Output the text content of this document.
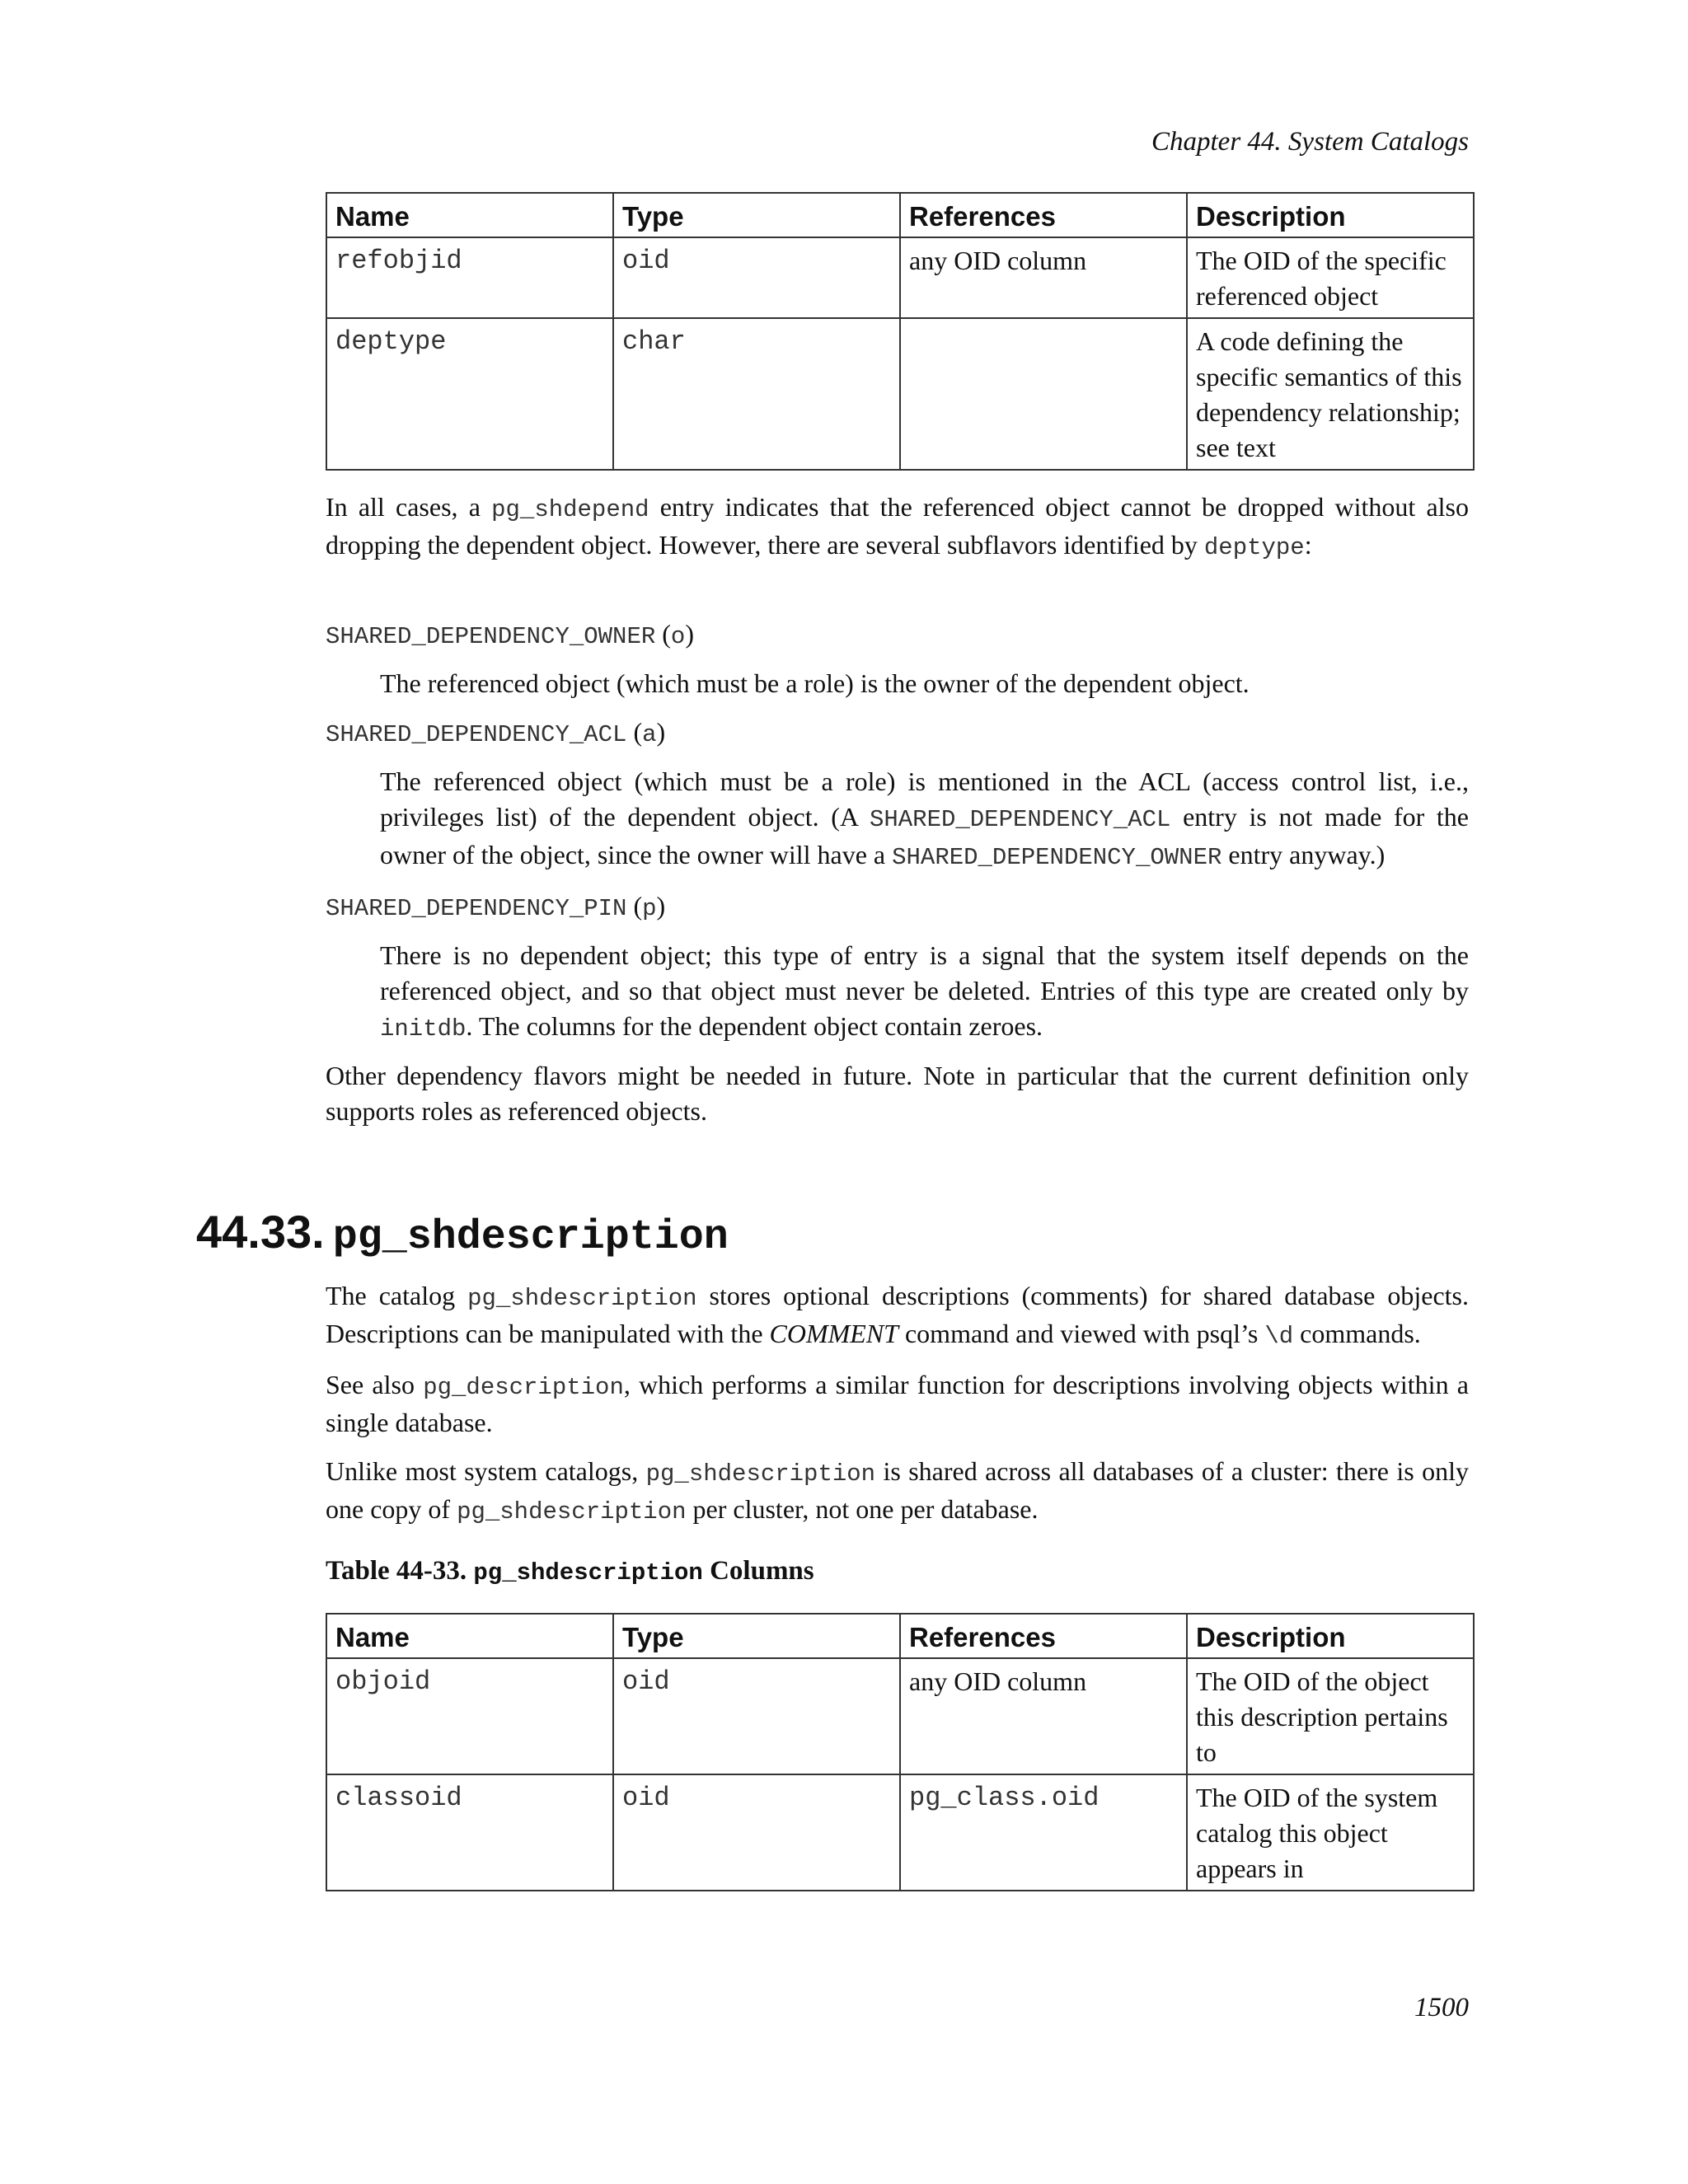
Chapter 44. System Catalogs
Name	Type	References	Description
refobjid	oid	any OID column	The OID of the specific referenced object
deptype	char		A code defining the specific semantics of this dependency relationship; see text

In all cases, a pg_shdepend entry indicates that the referenced object cannot be dropped without also dropping the dependent object. However, there are several subflavors identified by deptype:

SHARED_DEPENDENCY_OWNER (o)

The referenced object (which must be a role) is the owner of the dependent object.

SHARED_DEPENDENCY_ACL (a)

The referenced object (which must be a role) is mentioned in the ACL (access control list, i.e., privileges list) of the dependent object. (A SHARED_DEPENDENCY_ACL entry is not made for the owner of the object, since the owner will have a SHARED_DEPENDENCY_OWNER entry anyway.)

SHARED_DEPENDENCY_PIN (p)

There is no dependent object; this type of entry is a signal that the system itself depends on the referenced object, and so that object must never be deleted. Entries of this type are created only by initdb. The columns for the dependent object contain zeroes.

Other dependency flavors might be needed in future. Note in particular that the current definition only supports roles as referenced objects.

44.33. pg_shdescription

The catalog pg_shdescription stores optional descriptions (comments) for shared database objects. Descriptions can be manipulated with the COMMENT command and viewed with psql’s \d commands.

See also pg_description, which performs a similar function for descriptions involving objects within a single database.

Unlike most system catalogs, pg_shdescription is shared across all databases of a cluster: there is only one copy of pg_shdescription per cluster, not one per database.

Table 44-33. pg_shdescription Columns
Name	Type	References	Description
objoid	oid	any OID column	The OID of the object this description pertains to
classoid	oid	pg_class.oid	The OID of the system catalog this object appears in
1500
